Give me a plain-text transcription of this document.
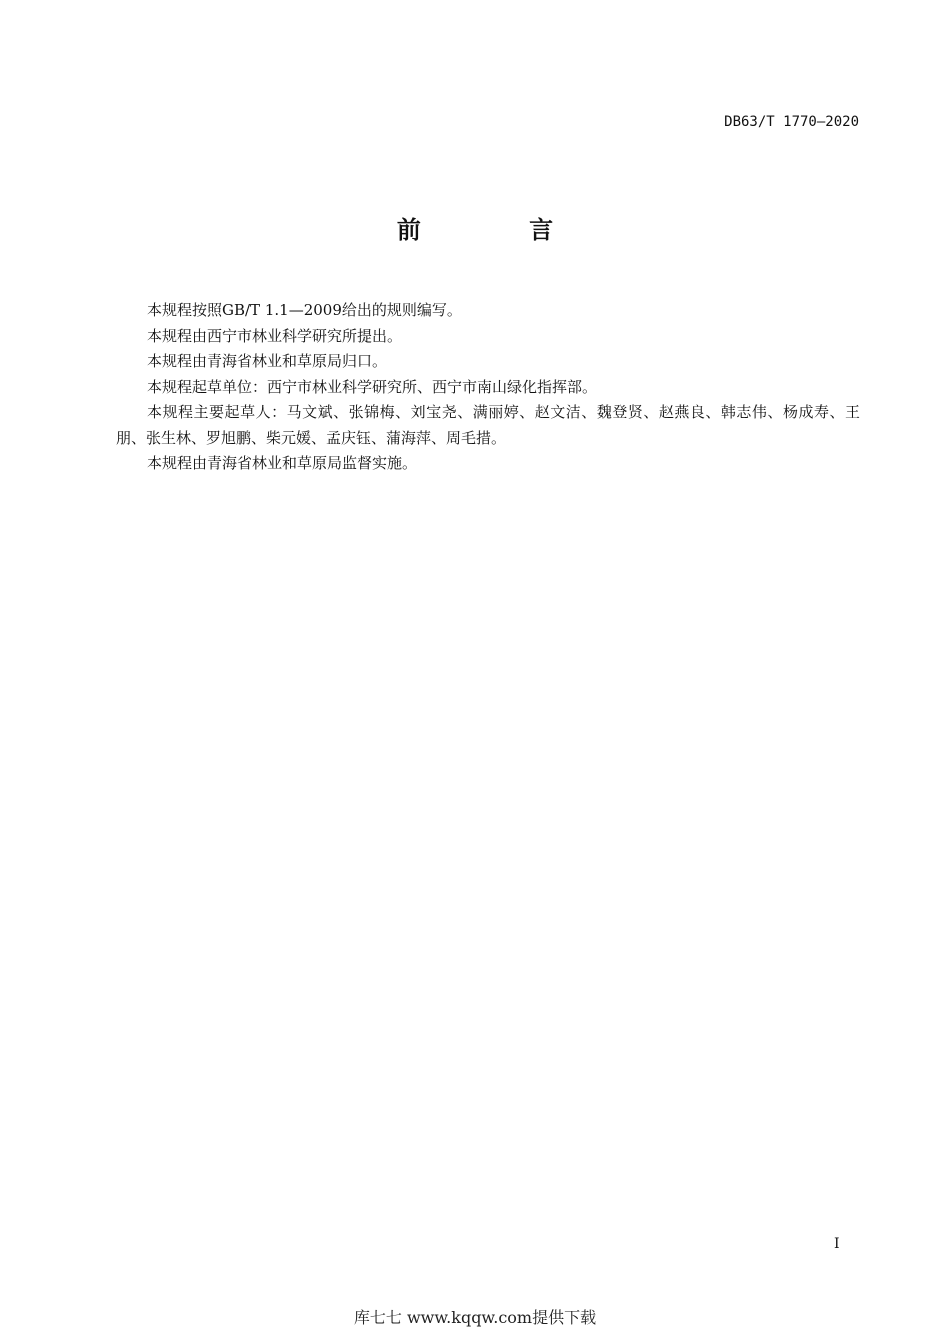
DB63/T 1770—2020
前 言

本规程按照GB/T 1.1—2009给出的规则编写。

本规程由西宁市林业科学研究所提出。

本规程由青海省林业和草原局归口。

本规程起草单位：西宁市林业科学研究所、西宁市南山绿化指挥部。

本规程主要起草人：马文斌、张锦梅、刘宝尧、满丽婷、赵文洁、魏登贤、赵燕良、韩志伟、杨成寿、王朋、张生林、罗旭鹏、柴元媛、孟庆钰、蒲海萍、周毛措。

本规程由青海省林业和草原局监督实施。

I
库七七 www.kqqw.com提供下载
